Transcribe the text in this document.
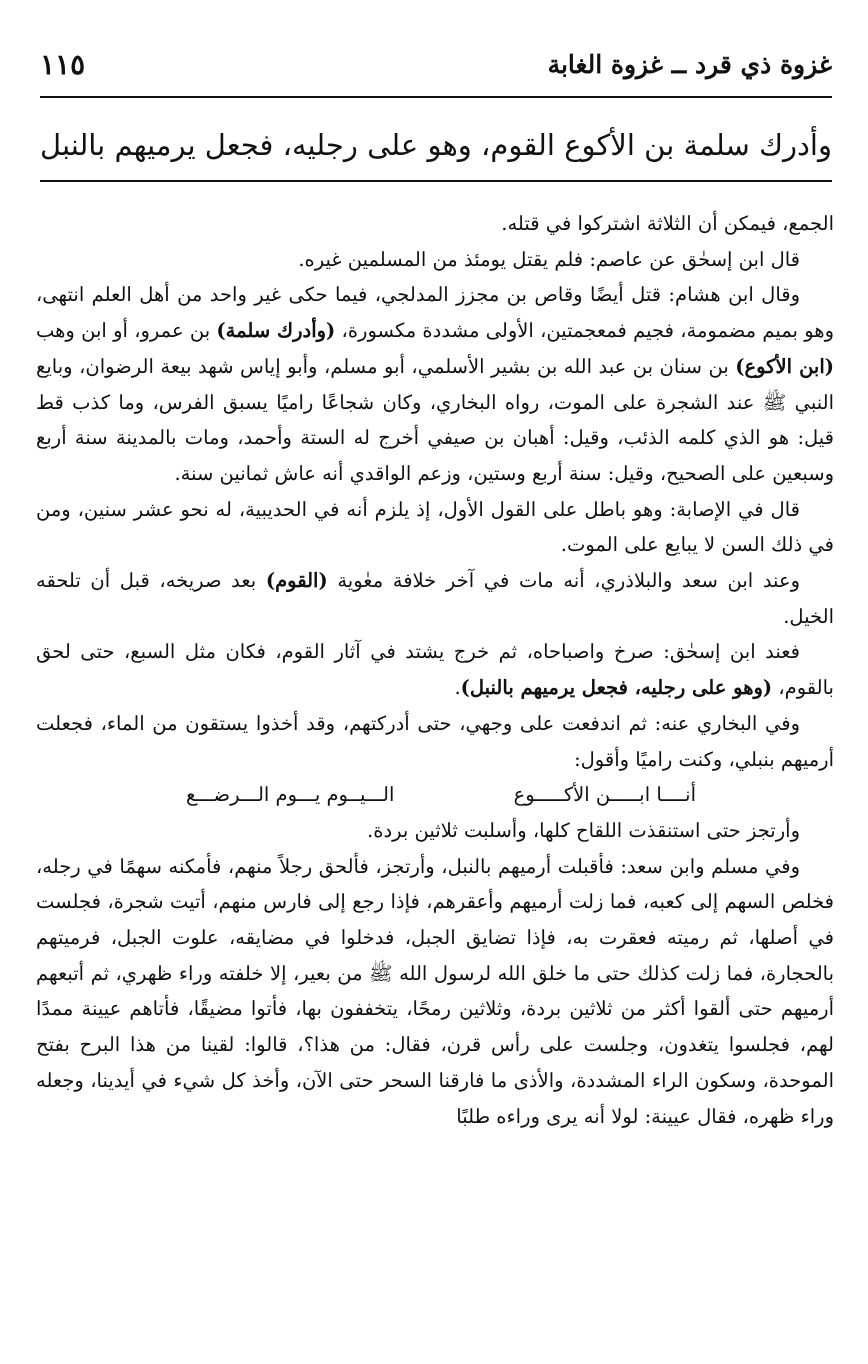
غزوة ذي قرد ــ غزوة الغابة
١١٥
وأدرك سلمة بن الأكوع القوم، وهو على رجليه، فجعل يرميهم بالنبل

الجمع، فيمكن أن الثلاثة اشتركوا في قتله.

قال ابن إسحٰق عن عاصم: فلم يقتل يومئذ من المسلمين غيره.

وقال ابن هشام: قتل أيضًا وقاص بن مجزز المدلجي، فيما حكى غير واحد من أهل العلم انتهى، وهو بميم مضمومة، فجيم فمعجمتين، الأولى مشددة مكسورة، (وأدرك سلمة) بن عمرو، أو ابن وهب (ابن الأكوع) بن سنان بن عبد الله بن بشير الأسلمي، أبو مسلم، وأبو إياس شهد بيعة الرضوان، وبايع النبي ﷺ عند الشجرة على الموت، رواه البخاري، وكان شجاعًا راميًا يسبق الفرس، وما كذب قط قيل: هو الذي كلمه الذئب، وقيل: أهبان بن صيفي أخرج له الستة وأحمد، ومات بالمدينة سنة أربع وسبعين على الصحيح، وقيل: سنة أربع وستين، وزعم الواقدي أنه عاش ثمانين سنة.

قال في الإصابة: وهو باطل على القول الأول، إذ يلزم أنه في الحديبية، له نحو عشر سنين، ومن في ذلك السن لا يبايع على الموت.

وعند ابن سعد والبلاذري، أنه مات في آخر خلافة معٰوية (القوم) بعد صريخه، قبل أن تلحقه الخيل.

فعند ابن إسحٰق: صرخ واصباحاه، ثم خرج يشتد في آثار القوم، فكان مثل السبع، حتى لحق بالقوم، (وهو على رجليه، فجعل يرميهم بالنبل).

وفي البخاري عنه: ثم اندفعت على وجهي، حتى أدركتهم، وقد أخذوا يستقون من الماء، فجعلت أرميهم بنبلي، وكنت راميًا وأقول:

أنــــا ابـــــن الأكـــــوع
الـــيــوم يـــوم الـــرضـــع

وأرتجز حتى استنقذت اللقاح كلها، وأسلبت ثلاثين بردة.

وفي مسلم وابن سعد: فأقبلت أرميهم بالنبل، وأرتجز، فألحق رجلاً منهم، فأمكنه سهمًا في رجله، فخلص السهم إلى كعبه، فما زلت أرميهم وأعقرهم، فإذا رجع إلى فارس منهم، أتيت شجرة، فجلست في أصلها، ثم رميته فعقرت به، فإذا تضايق الجبل، فدخلوا في مضايقه، علوت الجبل، فرميتهم بالحجارة، فما زلت كذلك حتى ما خلق الله لرسول الله ﷺ من بعير، إلا خلفته وراء ظهري، ثم أتبعهم أرميهم حتى ألقوا أكثر من ثلاثين بردة، وثلاثين رمحًا، يتخففون بها، فأتوا مضيقًا، فأتاهم عيينة ممدًا لهم، فجلسوا يتغدون، وجلست على رأس قرن، فقال: من هذا؟، قالوا: لقينا من هذا البرح بفتح الموحدة، وسكون الراء المشددة، والأذى ما فارقنا السحر حتى الآن، وأخذ كل شيء في أيدينا، وجعله وراء ظهره، فقال عيينة: لولا أنه يرى وراءه طلبًا
